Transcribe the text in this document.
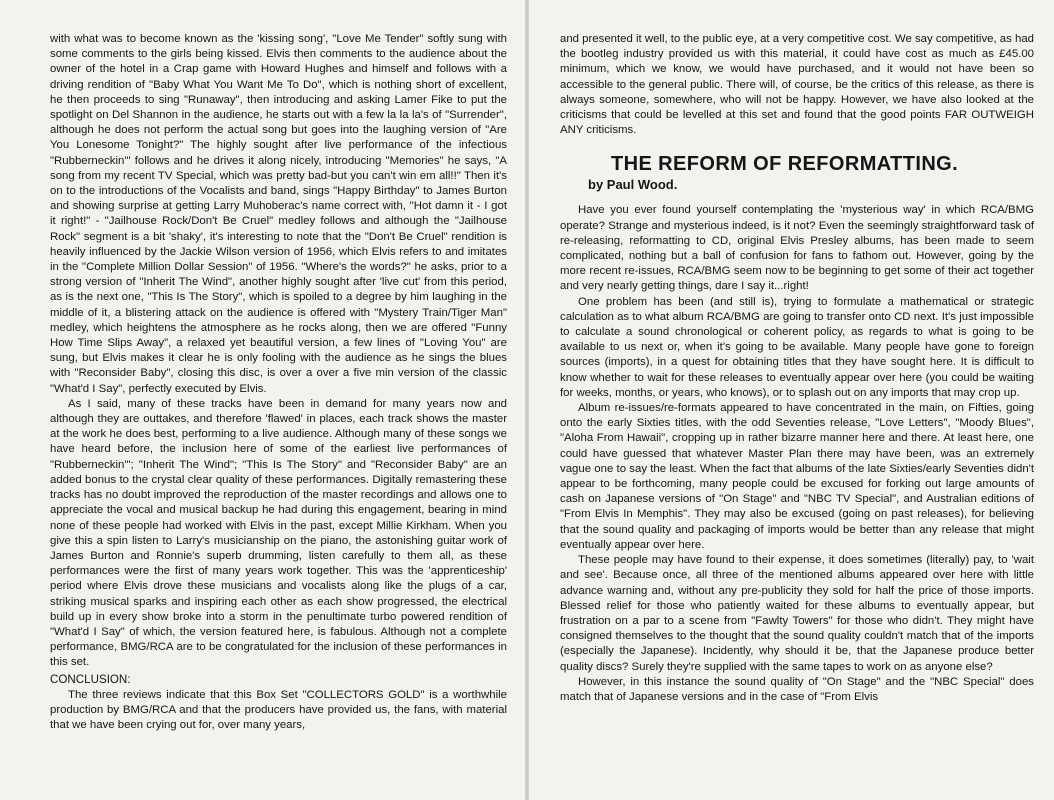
with what was to become known as the 'kissing song', "Love Me Tender" softly sung with some comments to the girls being kissed. Elvis then comments to the audience about the owner of the hotel in a Crap game with Howard Hughes and himself and follows with a driving rendition of "Baby What You Want Me To Do", which is nothing short of excellent, he then proceeds to sing "Runaway", then introducing and asking Lamer Fike to put the spotlight on Del Shannon in the audience, he starts out with a few la la la's of "Surrender", although he does not perform the actual song but goes into the laughing version of "Are You Lonesome Tonight?" The highly sought after live performance of the infectious "Rubberneckin'" follows and he drives it along nicely, introducing "Memories" he says, "A song from my recent TV Special, which was pretty bad-but you can't win em all!!" Then it's on to the introductions of the Vocalists and band, sings "Happy Birthday" to James Burton and showing surprise at getting Larry Muhoberac's name correct with, "Hot damn it - I got it right!" - "Jailhouse Rock/Don't Be Cruel" medley follows and although the "Jailhouse Rock" segment is a bit 'shaky', it's interesting to note that the "Don't Be Cruel" rendition is heavily influenced by the Jackie Wilson version of 1956, which Elvis refers to and imitates in the "Complete Million Dollar Session" of 1956. "Where's the words?" he asks, prior to a strong version of "Inherit The Wind", another highly sought after 'live cut' from this period, as is the next one, "This Is The Story", which is spoiled to a degree by him laughing in the middle of it, a blistering attack on the audience is offered with "Mystery Train/Tiger Man" medley, which heightens the atmosphere as he rocks along, then we are offered "Funny How Time Slips Away", a relaxed yet beautiful version, a few lines of "Loving You" are sung, but Elvis makes it clear he is only fooling with the audience as he sings the blues with "Reconsider Baby", closing this disc, is over a over a five min version of the classic "What'd I Say", perfectly executed by Elvis.

As I said, many of these tracks have been in demand for many years now and although they are outtakes, and therefore 'flawed' in places, each track shows the master at the work he does best, performing to a live audience. Although many of these songs we have heard before, the inclusion here of some of the earliest live performances of "Rubberneckin'"; "Inherit The Wind"; "This Is The Story" and "Reconsider Baby" are an added bonus to the crystal clear quality of these performances. Digitally remastering these tracks has no doubt improved the reproduction of the master recordings and allows one to appreciate the vocal and musical backup he had during this engagement, bearing in mind none of these people had worked with Elvis in the past, except Millie Kirkham. When you give this a spin listen to Larry's musicianship on the piano, the astonishing guitar work of James Burton and Ronnie's superb drumming, listen carefully to them all, as these performances were the first of many years work together. This was the 'apprenticeship' period where Elvis drove these musicians and vocalists along like the plugs of a car, striking musical sparks and inspiring each other as each show progressed, the electrical build up in every show broke into a storm in the penultimate turbo powered rendition of "What'd I Say" of which, the version featured here, is fabulous. Although not a complete performance, BMG/RCA are to be congratulated for the inclusion of these performances in this set.

CONCLUSION:

The three reviews indicate that this Box Set "COLLECTORS GOLD" is a worthwhile production by BMG/RCA and that the producers have provided us, the fans, with material that we have been crying out for, over many years,

and presented it well, to the public eye, at a very competitive cost. We say competitive, as had the bootleg industry provided us with this material, it could have cost as much as £45.00 minimum, which we know, we would have purchased, and it would not have been so accessible to the general public. There will, of course, be the critics of this release, as there is always someone, somewhere, who will not be happy. However, we have also looked at the criticisms that could be levelled at this set and found that the good points FAR OUTWEIGH ANY criticisms.

THE REFORM OF REFORMATTING.
by Paul Wood.

Have you ever found yourself contemplating the 'mysterious way' in which RCA/BMG operate? Strange and mysterious indeed, is it not? Even the seemingly straightforward task of re-releasing, reformatting to CD, original Elvis Presley albums, has been made to seem complicated, nothing but a ball of confusion for fans to fathom out. However, going by the more recent re-issues, RCA/BMG seem now to be beginning to get some of their act together and very nearly getting things, dare I say it...right!

One problem has been (and still is), trying to formulate a mathematical or strategic calculation as to what album RCA/BMG are going to transfer onto CD next. It's just impossible to calculate a sound chronological or coherent policy, as regards to what is going to be available to us next or, when it's going to be available. Many people have gone to foreign sources (imports), in a quest for obtaining titles that they have sought here. It is difficult to know whether to wait for these releases to eventually appear over here (you could be waiting for weeks, months, or years, who knows), or to splash out on any imports that may crop up.

Album re-issues/re-formats appeared to have concentrated in the main, on Fifties, going onto the early Sixties titles, with the odd Seventies release, "Love Letters", "Moody Blues", "Aloha From Hawaii", cropping up in rather bizarre manner here and there. At least here, one could have guessed that whatever Master Plan there may have been, was an extremely vague one to say the least. When the fact that albums of the late Sixties/early Seventies didn't appear to be forthcoming, many people could be excused for forking out large amounts of cash on Japanese versions of "On Stage" and "NBC TV Special", and Australian editions of "From Elvis In Memphis". They may also be excused (going on past releases), for believing that the sound quality and packaging of imports would be better than any release that might eventually appear over here.

These people may have found to their expense, it does sometimes (literally) pay, to 'wait and see'. Because once, all three of the mentioned albums appeared over here with little advance warning and, without any pre-publicity they sold for half the price of those imports. Blessed relief for those who patiently waited for these albums to eventually appear, but frustration on a par to a scene from "Fawlty Towers" for those who didn't. They might have consigned themselves to the thought that the sound quality couldn't match that of the imports (especially the Japanese). Incidently, why should it be, that the Japanese produce better quality discs? Surely they're supplied with the same tapes to work on as anyone else?

However, in this instance the sound quality of "On Stage" and the "NBC Special" does match that of Japanese versions and in the case of "From Elvis
